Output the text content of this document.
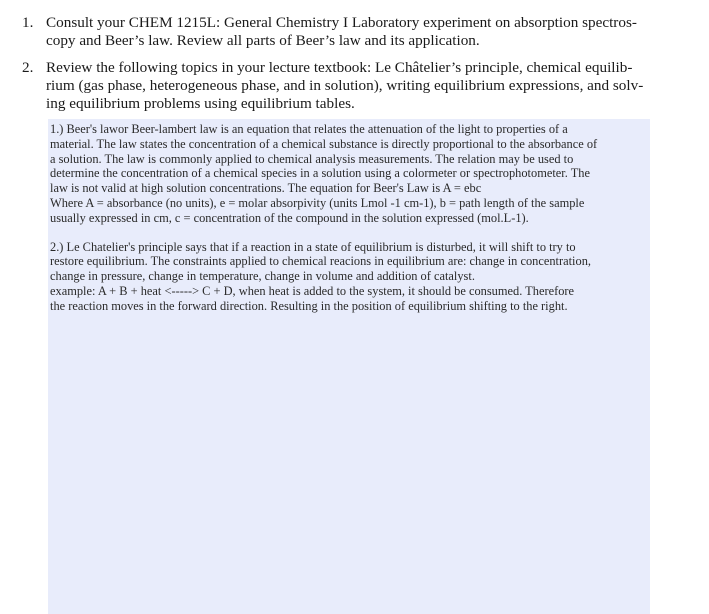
1. Consult your CHEM 1215L: General Chemistry I Laboratory experiment on absorption spectros-
copy and Beer’s law. Review all parts of Beer’s law and its application.
2. Review the following topics in your lecture textbook: Le Châtelier’s principle, chemical equilib-
rium (gas phase, heterogeneous phase, and in solution), writing equilibrium expressions, and solv-
ing equilibrium problems using equilibrium tables.

1.) Beer's lawor Beer-lambert law is an equation that relates the attenuation of the light to properties of a
material. The law states the concentration of a chemical substance is directly proportional to the absorbance of
a solution. The law is commonly applied to chemical analysis measurements. The relation may be used to
determine the concentration of a chemical species in a solution using a colormeter or spectrophotometer. The
law is not valid at high solution concentrations. The equation for Beer's Law is A = ebc
Where A = absorbance (no units), e = molar absorpivity (units Lmol -1 cm-1), b = path length of the sample
usually expressed in cm, c = concentration of the compound in the solution expressed (mol.L-1).

2.) Le Chatelier's principle says that if a reaction in a state of equilibrium is disturbed, it will shift to try to
restore equilibrium. The constraints applied to chemical reacions in equilibrium are: change in concentration,
change in pressure, change in temperature, change in volume and addition of catalyst.
example: A + B + heat <-----> C + D, when heat is added to the system, it should be consumed. Therefore
the reaction moves in the forward direction. Resulting in the position of equilibrium shifting to the right.
